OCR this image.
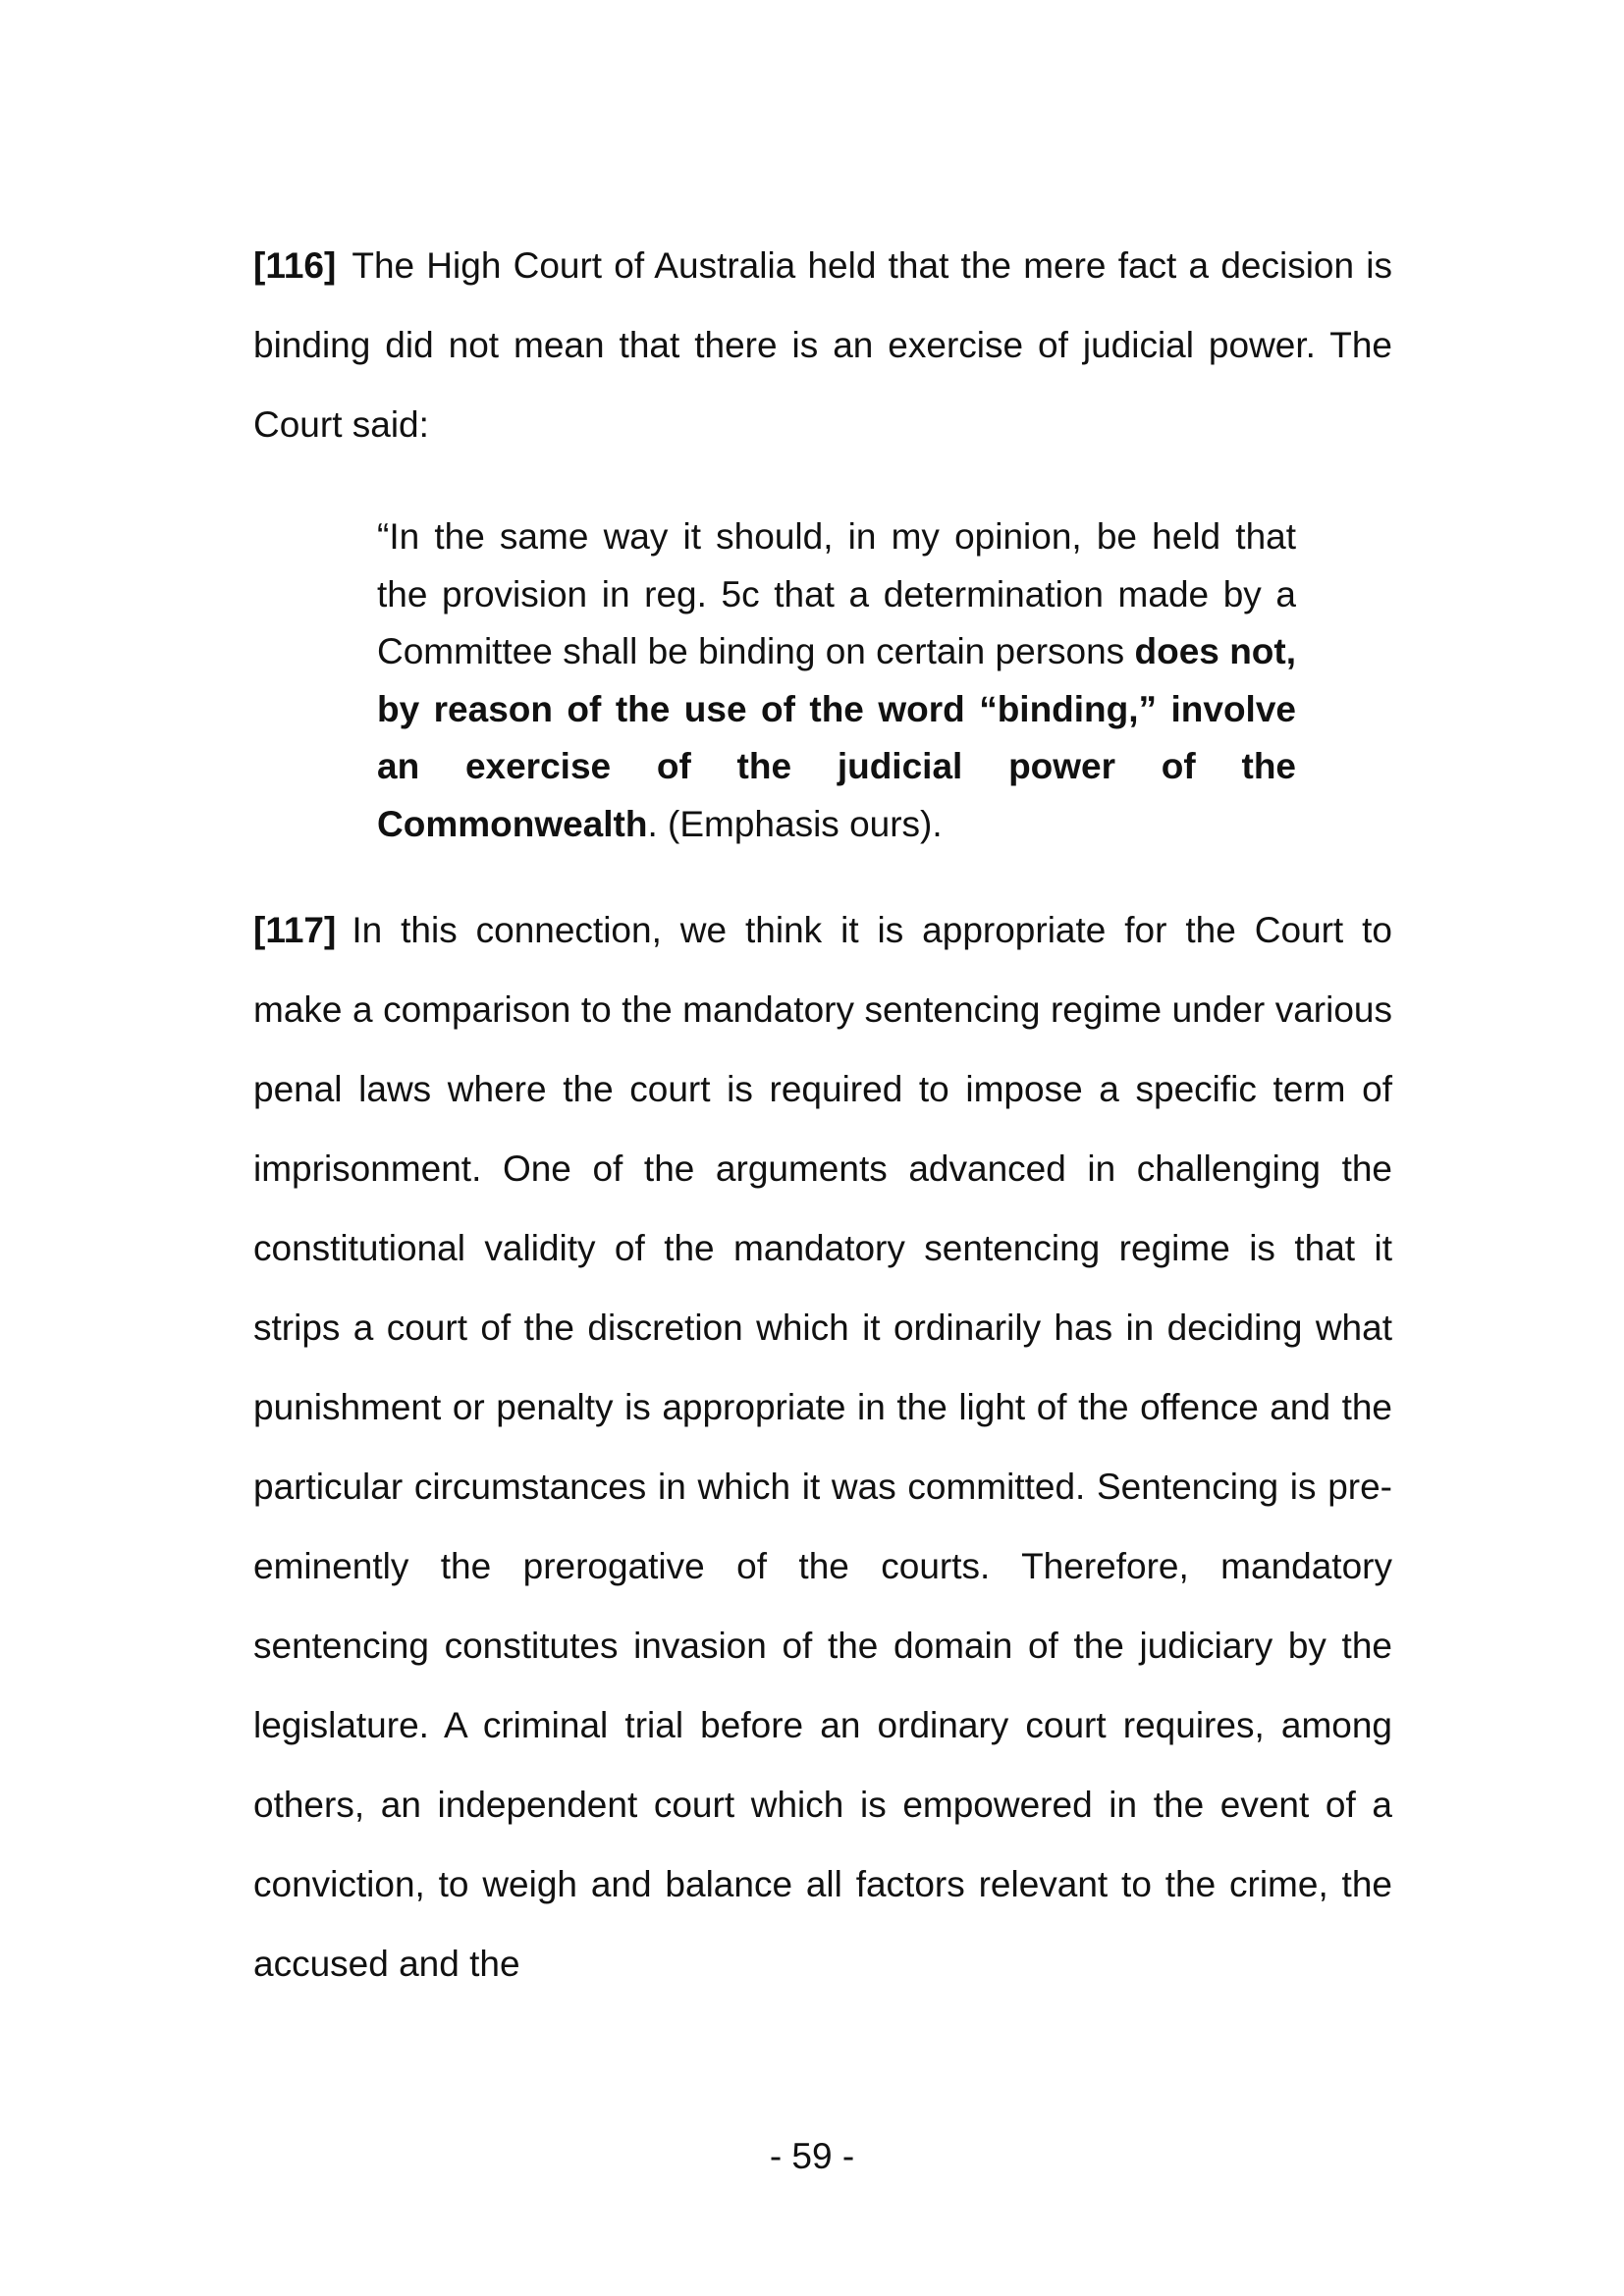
[116] The High Court of Australia held that the mere fact a decision is binding did not mean that there is an exercise of judicial power. The Court said:

“In the same way it should, in my opinion, be held that the provision in reg. 5c that a determination made by a Committee shall be binding on certain persons does not, by reason of the use of the word “binding,” involve an exercise of the judicial power of the Commonwealth. (Emphasis ours).

[117] In this connection, we think it is appropriate for the Court to make a comparison to the mandatory sentencing regime under various penal laws where the court is required to impose a specific term of imprisonment. One of the arguments advanced in challenging the constitutional validity of the mandatory sentencing regime is that it strips a court of the discretion which it ordinarily has in deciding what punishment or penalty is appropriate in the light of the offence and the particular circumstances in which it was committed. Sentencing is pre-eminently the prerogative of the courts. Therefore, mandatory sentencing constitutes invasion of the domain of the judiciary by the legislature. A criminal trial before an ordinary court requires, among others, an independent court which is empowered in the event of a conviction, to weigh and balance all factors relevant to the crime, the accused and the

- 59 -
